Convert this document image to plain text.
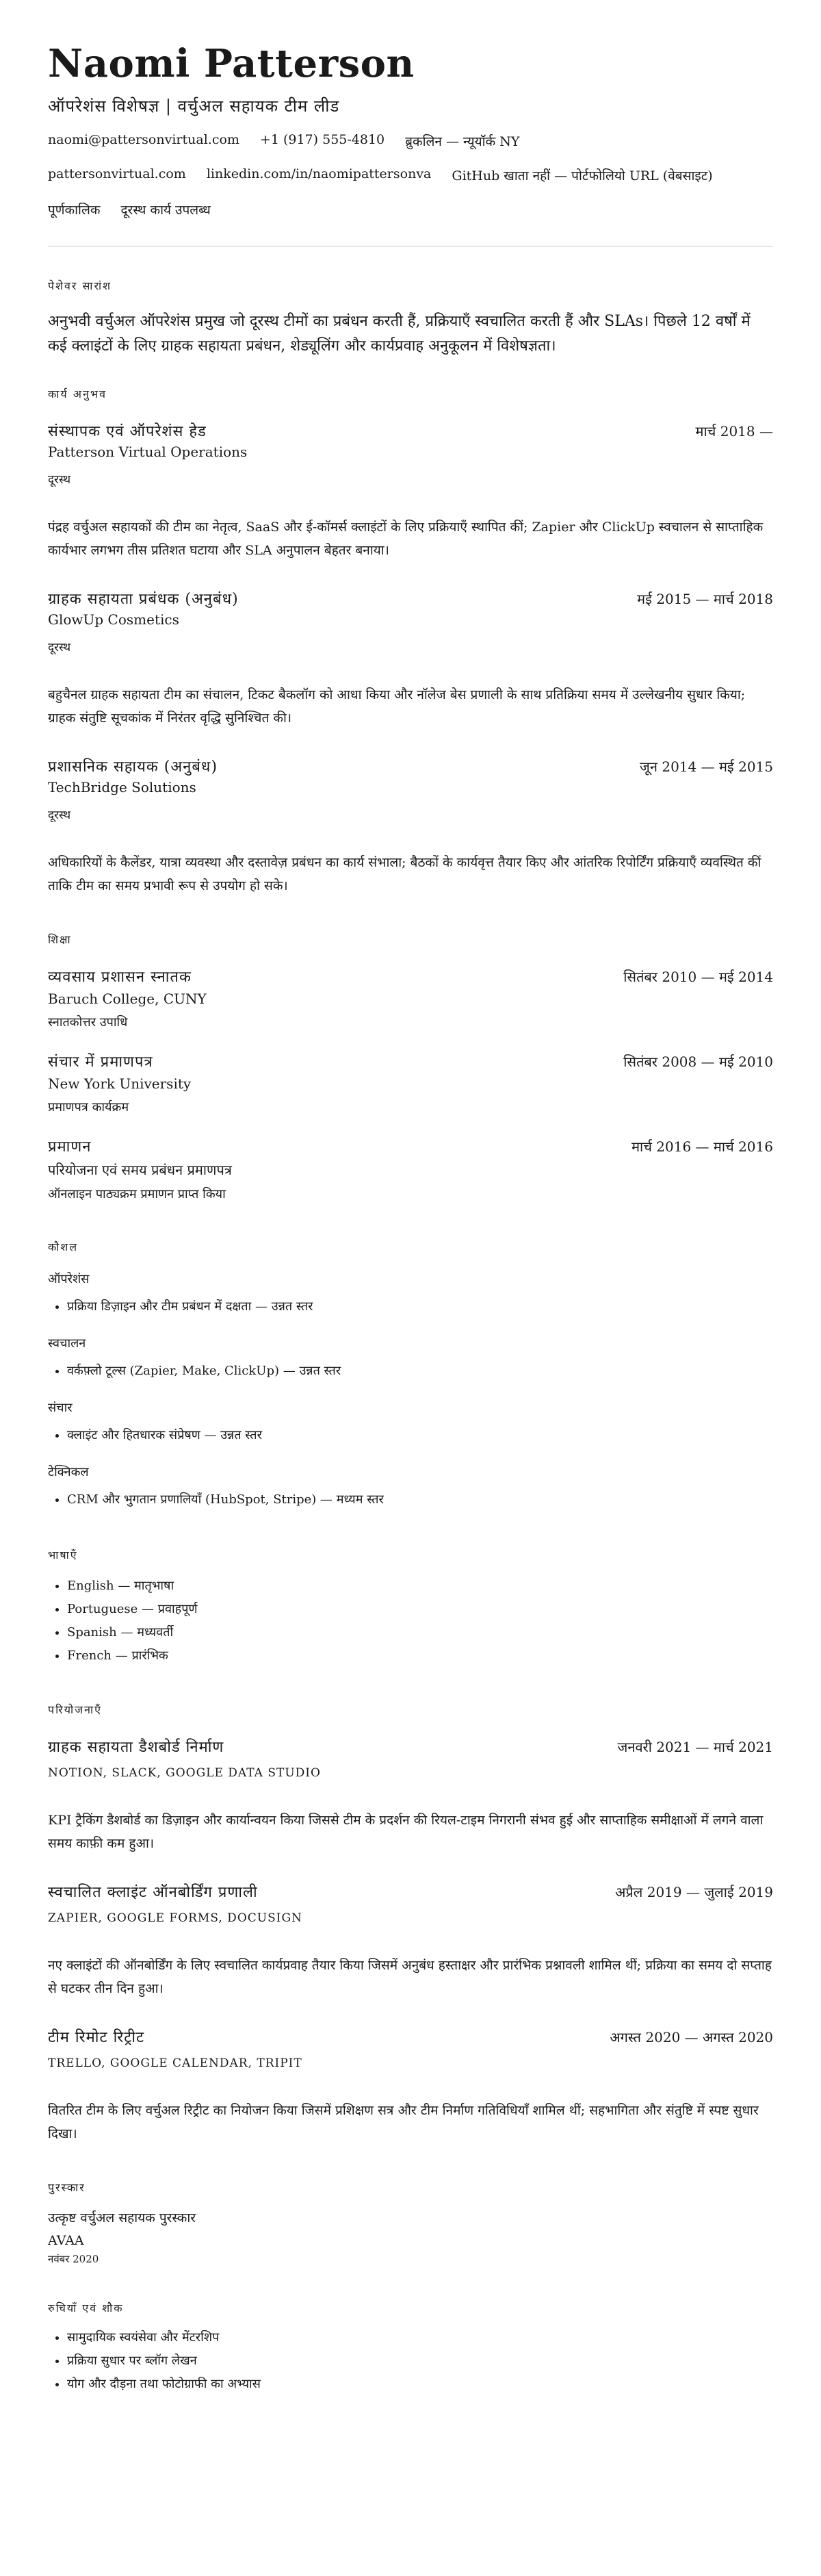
Naomi Patterson
ऑपरेशंस विशेषज्ञ | वर्चुअल सहायक टीम लीड
naomi@pattersonvirtual.com +1 (917) 555-4810 ब्रुकलिन — न्यूयॉर्क NY
pattersonvirtual.com linkedin.com/in/naomipattersonva GitHub खाता नहीं — पोर्टफोलियो URL (वेबसाइट)
पूर्णकालिक दूरस्थ कार्य उपलब्ध
पेशेवर सारांश
अनुभवी वर्चुअल ऑपरेशंस प्रमुख जो दूरस्थ टीमों का प्रबंधन करती हैं, प्रक्रियाएँ स्वचालित करती हैं और SLAs। पिछले 12 वर्षों में कई क्लाइंटों के लिए ग्राहक सहायता प्रबंधन, शेड्यूलिंग और कार्यप्रवाह अनुकूलन में विशेषज्ञता।
कार्य अनुभव
संस्थापक एवं ऑपरेशंस हेड	मार्च 2018 —
Patterson Virtual Operations
दूरस्थ
पंद्रह वर्चुअल सहायकों की टीम का नेतृत्व, SaaS और ई-कॉमर्स क्लाइंटों के लिए प्रक्रियाएँ स्थापित कीं; Zapier और ClickUp स्वचालन से साप्ताहिक कार्यभार लगभग तीस प्रतिशत घटाया और SLA अनुपालन बेहतर बनाया।
ग्राहक सहायता प्रबंधक (अनुबंध)	मई 2015 — मार्च 2018
GlowUp Cosmetics
दूरस्थ
बहुचैनल ग्राहक सहायता टीम का संचालन, टिकट बैकलॉग को आधा किया और नॉलेज बेस प्रणाली के साथ प्रतिक्रिया समय में उल्लेखनीय सुधार किया; ग्राहक संतुष्टि सूचकांक में निरंतर वृद्धि सुनिश्चित की।
प्रशासनिक सहायक (अनुबंध)	जून 2014 — मई 2015
TechBridge Solutions
दूरस्थ
अधिकारियों के कैलेंडर, यात्रा व्यवस्था और दस्तावेज़ प्रबंधन का कार्य संभाला; बैठकों के कार्यवृत्त तैयार किए और आंतरिक रिपोर्टिंग प्रक्रियाएँ व्यवस्थित कीं ताकि टीम का समय प्रभावी रूप से उपयोग हो सके।
शिक्षा
व्यवसाय प्रशासन स्नातक	सितंबर 2010 — मई 2014
Baruch College, CUNY
स्नातकोत्तर उपाधि
संचार में प्रमाणपत्र	सितंबर 2008 — मई 2010
New York University
प्रमाणपत्र कार्यक्रम
प्रमाणन	मार्च 2016 — मार्च 2016
परियोजना एवं समय प्रबंधन प्रमाणपत्र
ऑनलाइन पाठ्यक्रम प्रमाणन प्राप्त किया
कौशल
ऑपरेशंस
• प्रक्रिया डिज़ाइन और टीम प्रबंधन में दक्षता — उन्नत स्तर
स्वचालन
• वर्कफ़्लो टूल्स (Zapier, Make, ClickUp) — उन्नत स्तर
संचार
• क्लाइंट और हितधारक संप्रेषण — उन्नत स्तर
टेक्निकल
• CRM और भुगतान प्रणालियाँ (HubSpot, Stripe) — मध्यम स्तर
भाषाएँ
• English — मातृभाषा
• Portuguese — प्रवाहपूर्ण
• Spanish — मध्यवर्ती
• French — प्रारंभिक
परियोजनाएँ
ग्राहक सहायता डैशबोर्ड निर्माण	जनवरी 2021 — मार्च 2021
NOTION, SLACK, GOOGLE DATA STUDIO
KPI ट्रैकिंग डैशबोर्ड का डिज़ाइन और कार्यान्वयन किया जिससे टीम के प्रदर्शन की रियल-टाइम निगरानी संभव हुई और साप्ताहिक समीक्षाओं में लगने वाला समय काफ़ी कम हुआ।
स्वचालित क्लाइंट ऑनबोर्डिंग प्रणाली	अप्रैल 2019 — जुलाई 2019
ZAPIER, GOOGLE FORMS, DOCUSIGN
नए क्लाइंटों की ऑनबोर्डिंग के लिए स्वचालित कार्यप्रवाह तैयार किया जिसमें अनुबंध हस्ताक्षर और प्रारंभिक प्रश्नावली शामिल थीं; प्रक्रिया का समय दो सप्ताह से घटकर तीन दिन हुआ।
टीम रिमोट रिट्रीट	अगस्त 2020 — अगस्त 2020
TRELLO, GOOGLE CALENDAR, TRIPIT
वितरित टीम के लिए वर्चुअल रिट्रीट का नियोजन किया जिसमें प्रशिक्षण सत्र और टीम निर्माण गतिविधियाँ शामिल थीं; सहभागिता और संतुष्टि में स्पष्ट सुधार दिखा।
पुरस्कार
उत्कृष्ट वर्चुअल सहायक पुरस्कार
AVAA
नवंबर 2020
रुचियाँ एवं शौक
• सामुदायिक स्वयंसेवा और मेंटरशिप
• प्रक्रिया सुधार पर ब्लॉग लेखन
• योग और दौड़ना तथा फोटोग्राफी का अभ्यास
